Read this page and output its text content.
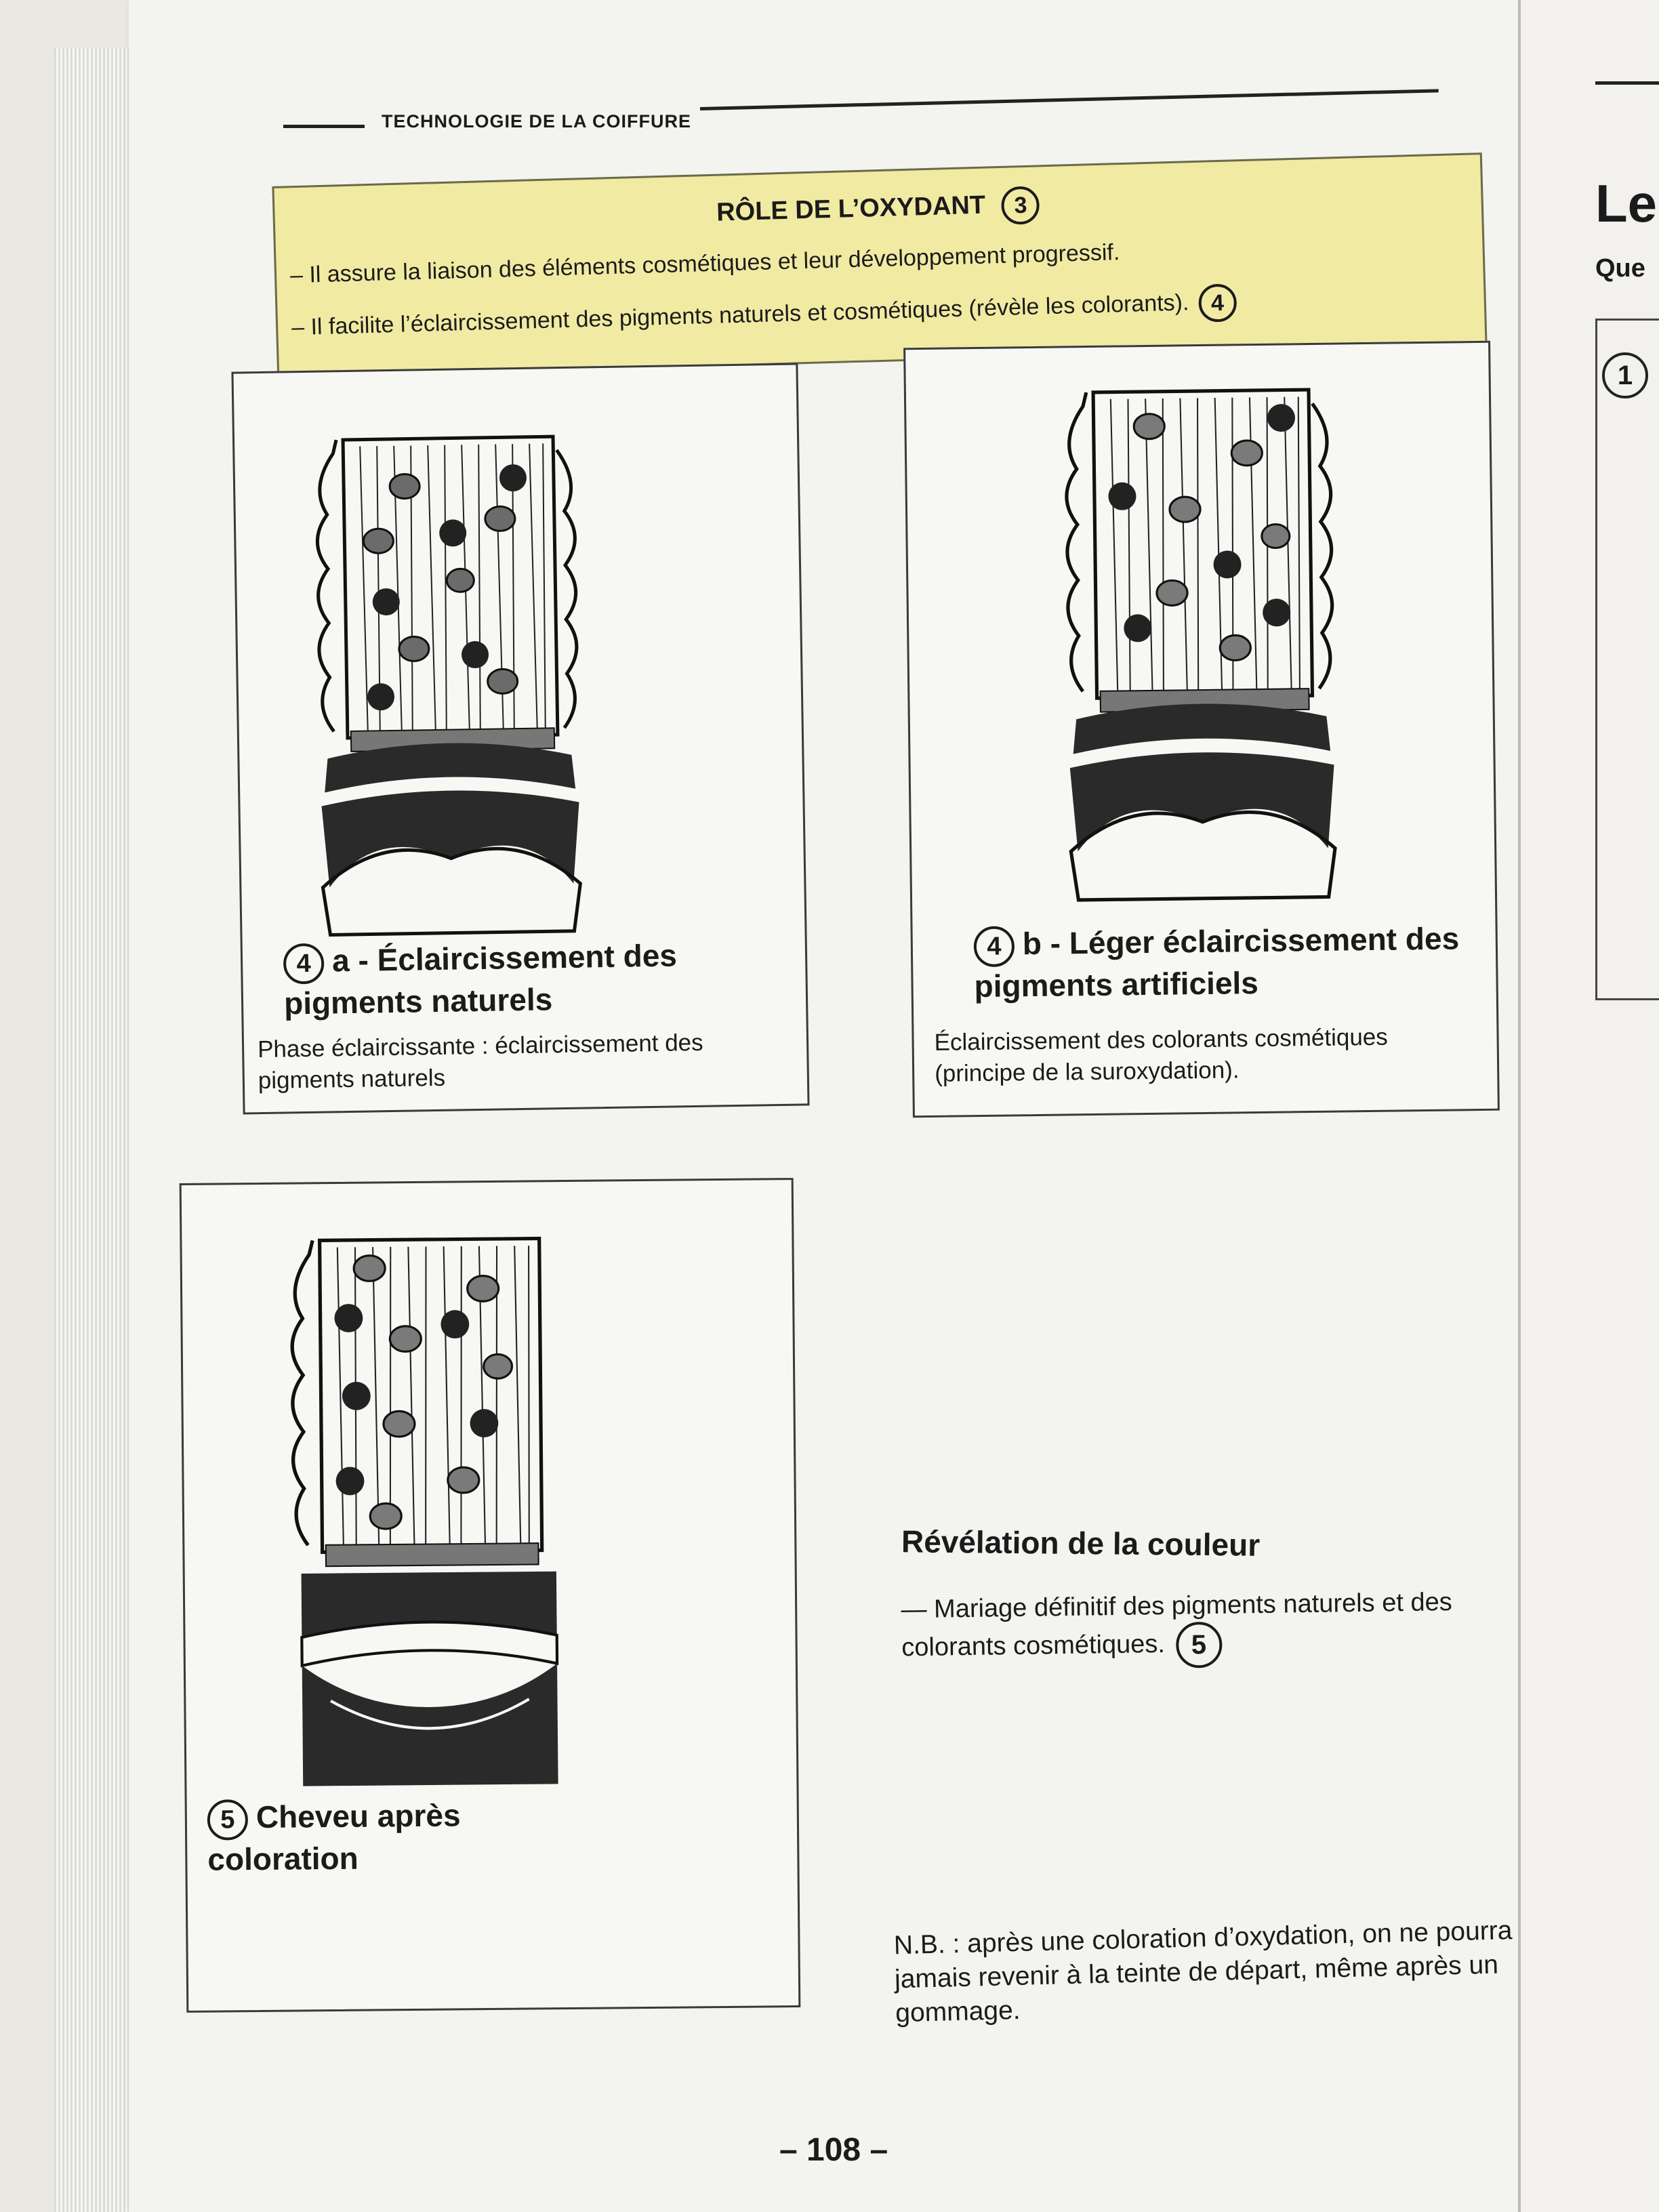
Le
Que
1
TECHNOLOGIE DE LA COIFFURE
RÔLE DE L’OXYDANT 3
– Il assure la liaison des éléments cosmétiques et leur développement progressif.
– Il facilite l’éclaircissement des pigments naturels et cosmétiques (révèle les colorants). 4
4 a - Éclaircissement des pigments naturels
Phase éclaircissante : éclaircissement des pigments naturels
4 b - Léger éclaircissement des pigments artificiels
Éclaircissement des colorants cosmétiques (principe de la suroxydation).
5 Cheveu après coloration
Révélation de la couleur
— Mariage définitif des pigments naturels et des colorants cosmétiques. 5
N.B. : après une coloration d’oxydation, on ne pourra jamais revenir à la teinte de départ, même après un gommage.
– 108 –
